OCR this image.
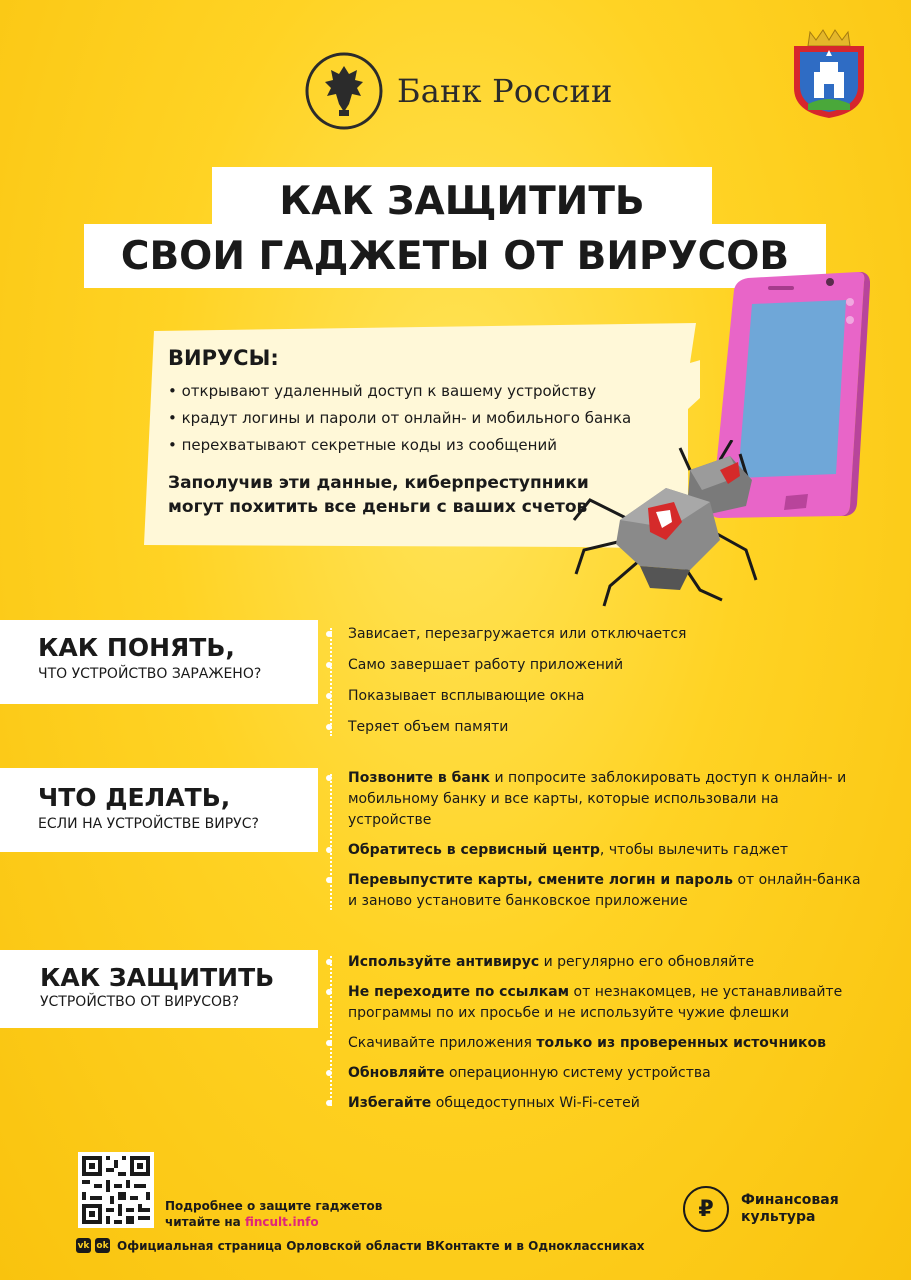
Банк России
КАК ЗАЩИТИТЬ
СВОИ ГАДЖЕТЫ ОТ ВИРУСОВ
ВИРУСЫ:
• открывают удаленный доступ к вашему устройству
• крадут логины и пароли от онлайн- и мобильного банка
• перехватывают секретные коды из сообщений
Заполучив эти данные, киберпреступники
могут похитить все деньги с ваших счетов
КАК ПОНЯТЬ,
ЧТО УСТРОЙСТВО ЗАРАЖЕНО?
Зависает, перезагружается или отключается
Само завершает работу приложений
Показывает всплывающие окна
Теряет объем памяти
ЧТО ДЕЛАТЬ,
ЕСЛИ НА УСТРОЙСТВЕ ВИРУС?
Позвоните в банк и попросите заблокировать доступ к онлайн- и мобильному банку и все карты, которые использовали на устройстве
Обратитесь в сервисный центр, чтобы вылечить гаджет
Перевыпустите карты, смените логин и пароль от онлайн-банка и заново установите банковское приложение
КАК ЗАЩИТИТЬ
УСТРОЙСТВО ОТ ВИРУСОВ?
Используйте антивирус и регулярно его обновляйте
Не переходите по ссылкам от незнакомцев, не устанавливайте программы по их просьбе и не используйте чужие флешки
Скачивайте приложения только из проверенных источников
Обновляйте операционную систему устройства
Избегайте общедоступных Wi-Fi-сетей
Подробнее о защите гаджетов
читайте на fincult.info
vk ok Официальная страница Орловской области ВКонтакте и в Одноклассниках
₽	Финансовая
культура
